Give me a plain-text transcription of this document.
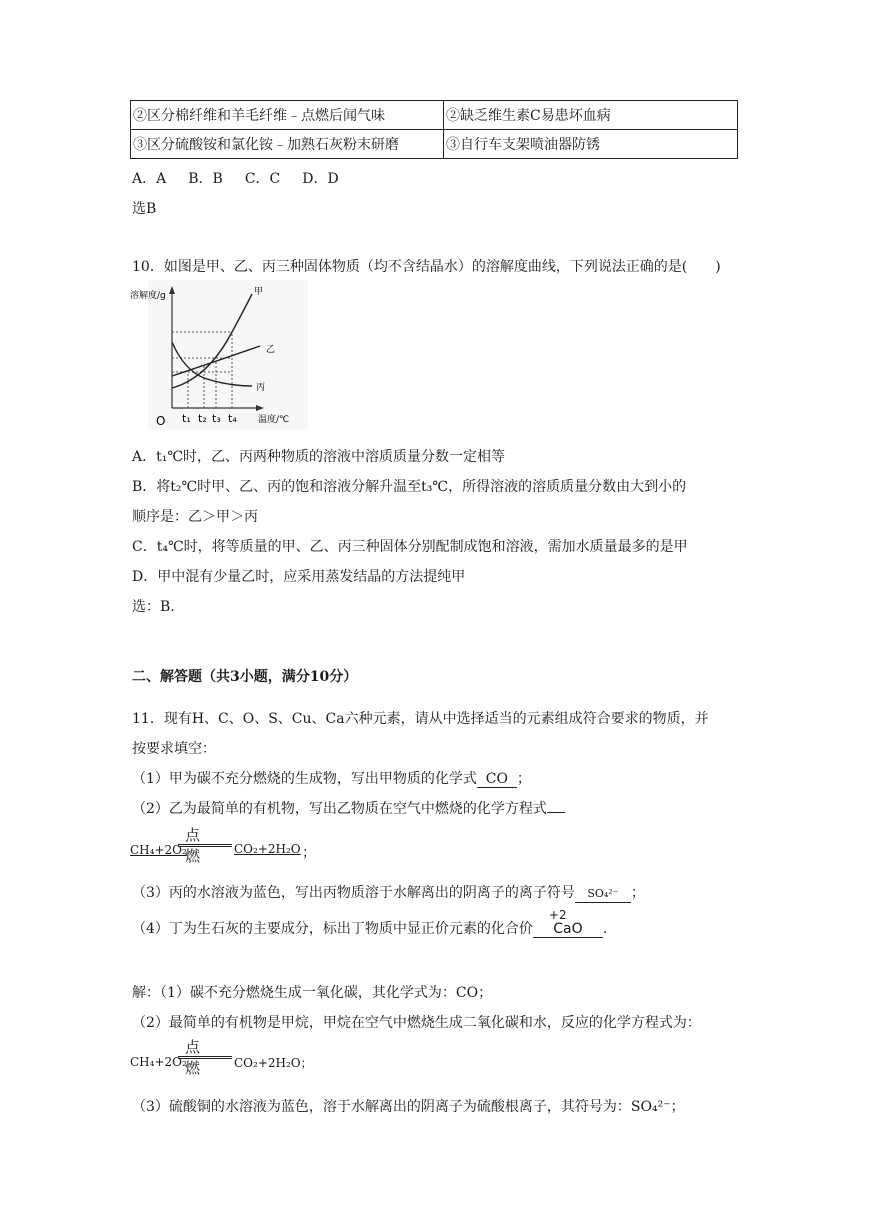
②区分棉纤维和羊毛纤维﹣点燃后闻气味	②缺乏维生素C易患坏血病
③区分硫酸铵和氯化铵﹣加熟石灰粉末研磨	③自行车支架喷油器防锈
A．A B．B C．C D．D
选B
10．如图是甲、乙、丙三种固体物质（均不含结晶水）的溶解度曲线，下列说法正确的是(　　)
溶解度/g
温度/℃
O
甲
乙
丙
t₁ t₂ t₃ t₄
A．t₁℃时，乙、丙两种物质的溶液中溶质质量分数一定相等
B．将t₂℃时甲、乙、丙的饱和溶液分解升温至t₃℃，所得溶液的溶质质量分数由大到小的
顺序是：乙＞甲＞丙
C．t₄℃时，将等质量的甲、乙、丙三种固体分别配制成饱和溶液，需加水质量最多的是甲
D．甲中混有少量乙时，应采用蒸发结晶的方法提纯甲
选：B.
二、解答题（共3小题，满分10分）
11．现有H、C、O、S、Cu、Ca六种元素，请从中选择适当的元素组成符合要求的物质，并
按要求填空：
（1）甲为碳不充分燃烧的生成物，写出甲物质的化学式 CO ；
（2）乙为最简单的有机物，写出乙物质在空气中燃烧的化学方程式
CH₄+2O₂
点燃	CO₂+2H₂O ；
（3）丙的水溶液为蓝色，写出丙物质溶于水解离出的阴离子的离子符号 SO₄²⁻ ；
（4）丁为生石灰的主要成分，标出丁物质中显正价元素的化合价
+2
CaO .
解：（1）碳不充分燃烧生成一氧化碳，其化学式为：CO；
（2）最简单的有机物是甲烷，甲烷在空气中燃烧生成二氧化碳和水，反应的化学方程式为：
CH₄+2O₂
点燃	CO₂+2H₂O；
（3）硫酸铜的水溶液为蓝色，溶于水解离出的阴离子为硫酸根离子，其符号为：SO₄²⁻；
